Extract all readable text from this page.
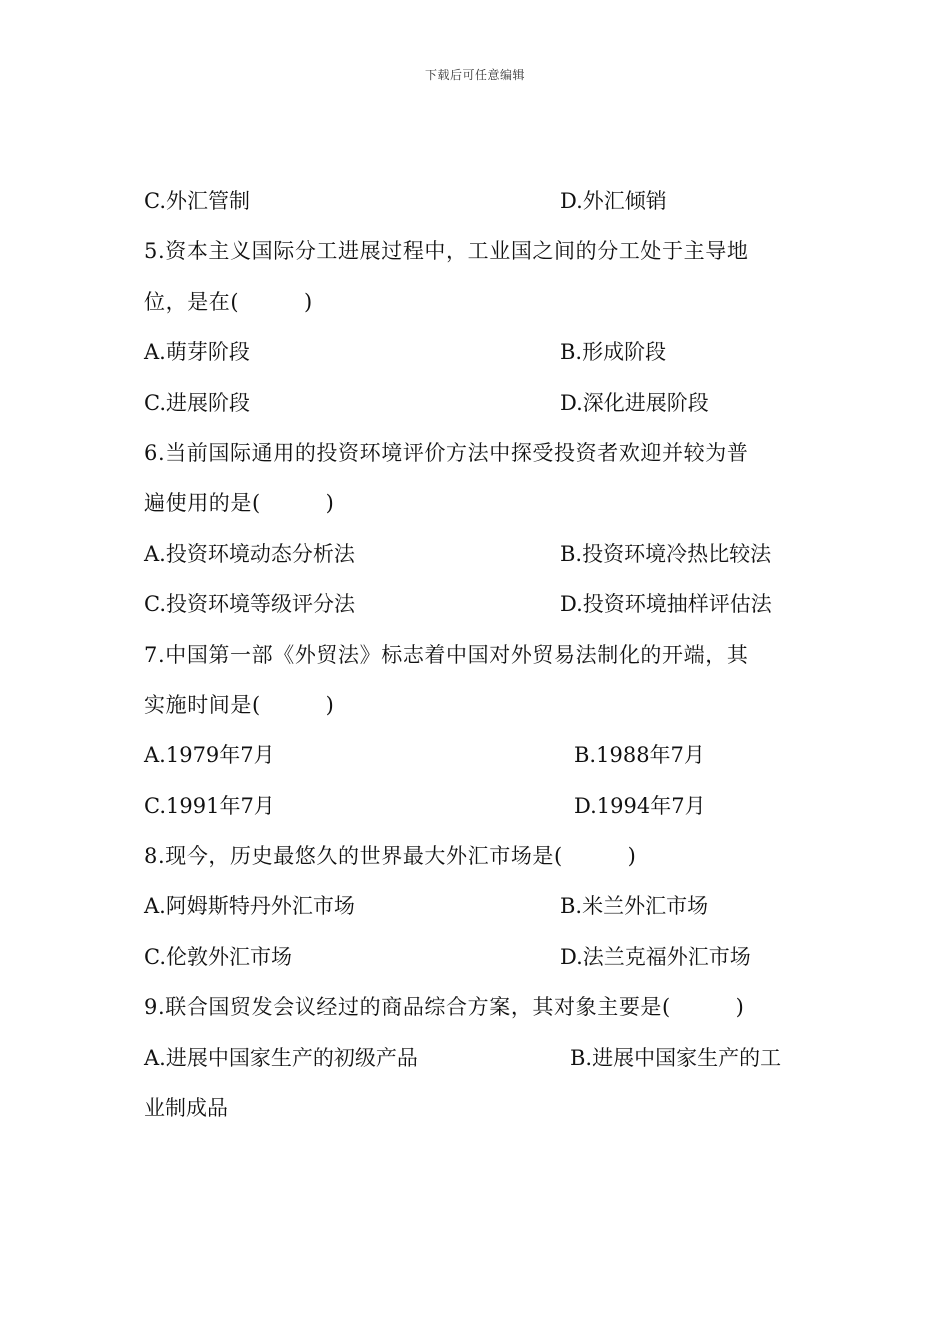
下载后可任意编辑
C.外汇管制	D.外汇倾销
5.资本主义国际分工进展过程中，工业国之间的分工处于主导地
位，是在(　　　)
A.萌芽阶段	B.形成阶段
C.进展阶段	D.深化进展阶段
6.当前国际通用的投资环境评价方法中探受投资者欢迎并较为普
遍使用的是(　　　)
A.投资环境动态分析法	B.投资环境冷热比较法
C.投资环境等级评分法	D.投资环境抽样评估法
7.中国第一部《外贸法》标志着中国对外贸易法制化的开端，其
实施时间是(　　　)
A.1979年7月	B.1988年7月
C.1991年7月	D.1994年7月
8.现今，历史最悠久的世界最大外汇市场是(　　　)
A.阿姆斯特丹外汇市场	B.米兰外汇市场
C.伦敦外汇市场	D.法兰克福外汇市场
9.联合国贸发会议经过的商品综合方案，其对象主要是(　　　)
A.进展中国家生产的初级产品	B.进展中国家生产的工
业制成品
